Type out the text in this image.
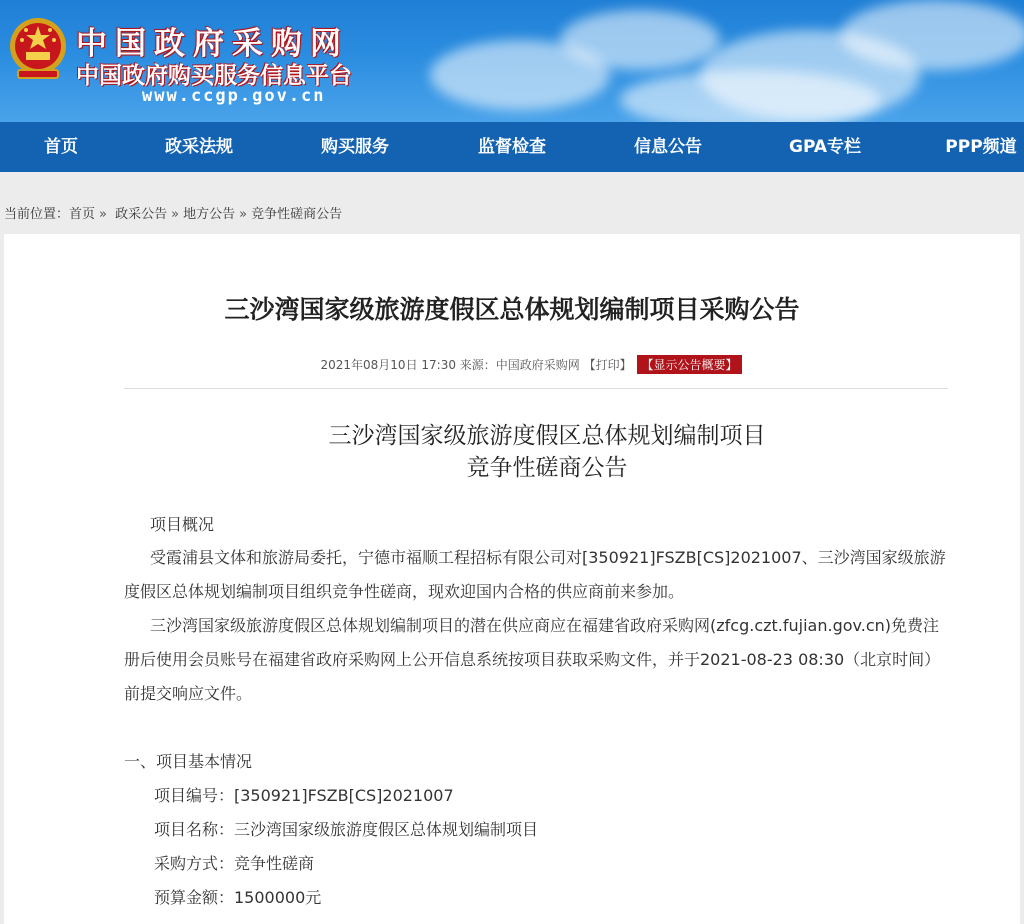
中国政府采购网
中国政府购买服务信息平台
www.ccgp.gov.cn
首页	政采法规	购买服务	监督检查	信息公告	GPA专栏	PPP频道
当前位置：首页 » 政采公告 » 地方公告 » 竞争性磋商公告
三沙湾国家级旅游度假区总体规划编制项目采购公告
2021年08月10日 17:30 来源：中国政府采购网 【打印】 【显示公告概要】
三沙湾国家级旅游度假区总体规划编制项目
竞争性磋商公告
项目概况
受霞浦县文体和旅游局委托，宁德市福顺工程招标有限公司对[350921]FSZB[CS]2021007、三沙湾国家级旅游度假区总体规划编制项目组织竞争性磋商，现欢迎国内合格的供应商前来参加。
三沙湾国家级旅游度假区总体规划编制项目的潜在供应商应在福建省政府采购网(zfcg.czt.fujian.gov.cn)免费注册后使用会员账号在福建省政府采购网上公开信息系统按项目获取采购文件，并于2021-08-23 08:30（北京时间）前提交响应文件。
一、项目基本情况
项目编号：[350921]FSZB[CS]2021007
项目名称：三沙湾国家级旅游度假区总体规划编制项目
采购方式：竞争性磋商
预算金额：1500000元
